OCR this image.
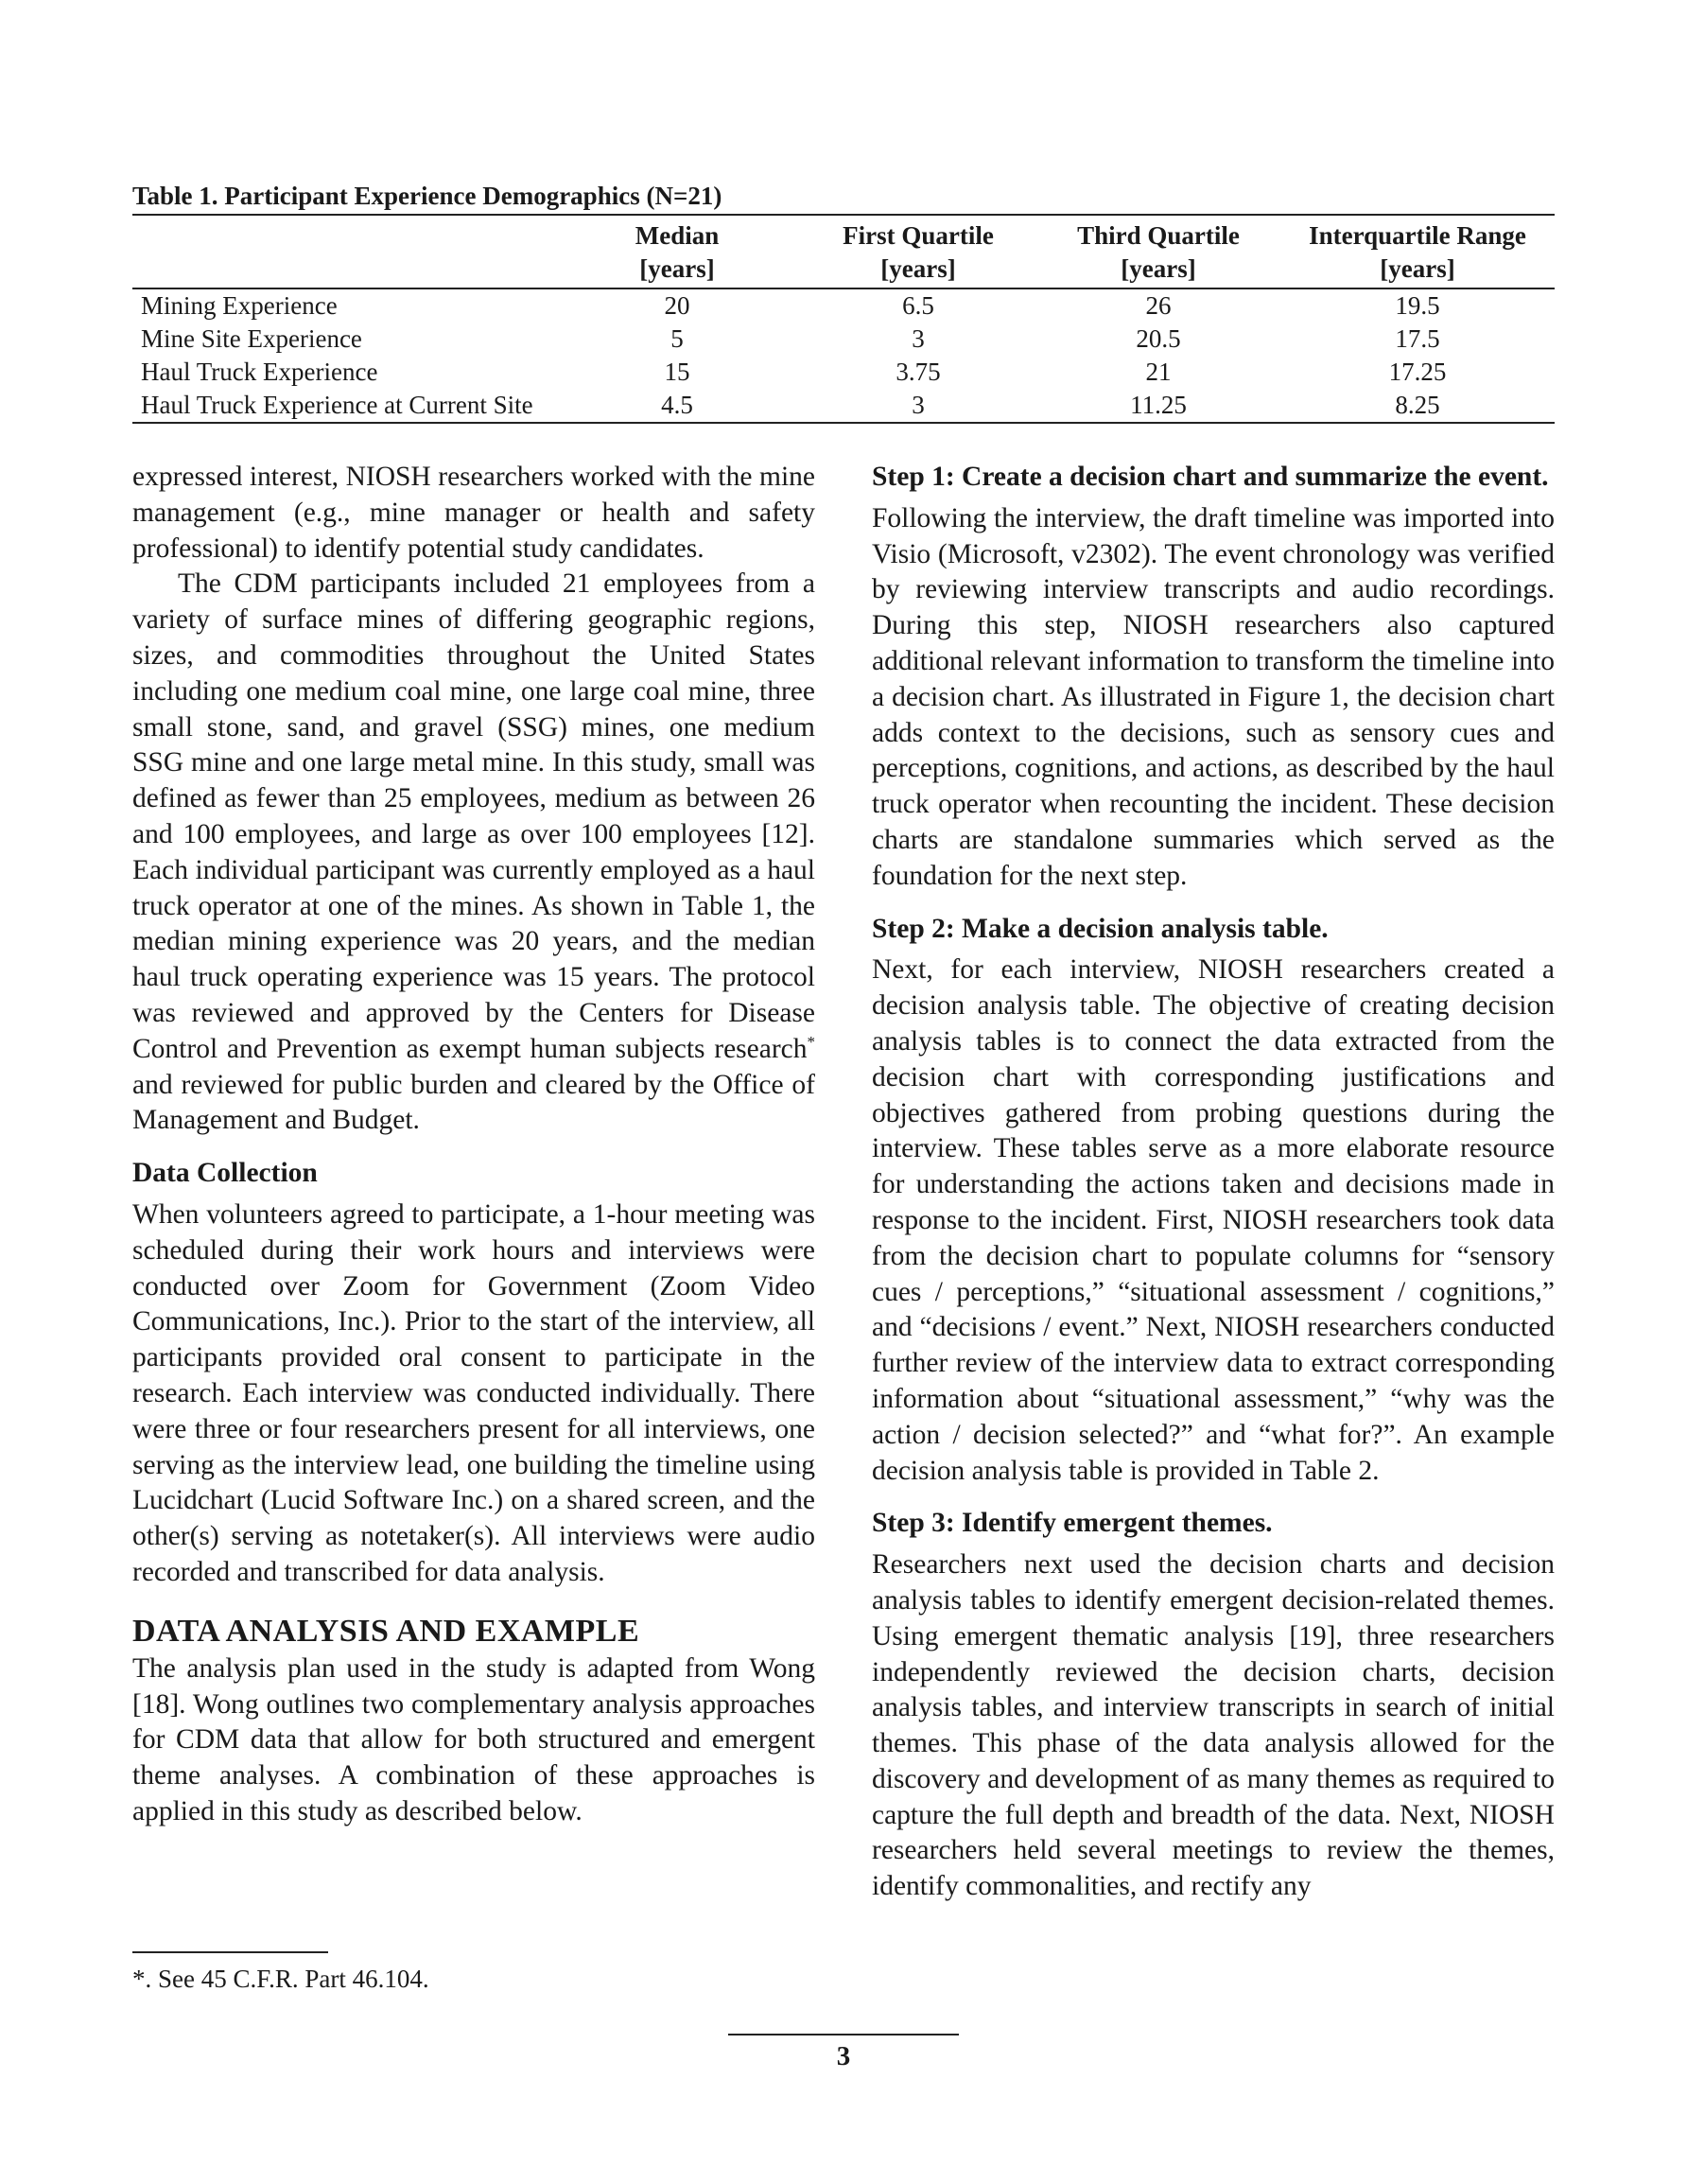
Table 1. Participant Experience Demographics (N=21)
	Median	First Quartile	Third Quartile	Interquartile Range
	[years]	[years]	[years]	[years]
Mining Experience	20	6.5	26	19.5
Mine Site Experience	5	3	20.5	17.5
Haul Truck Experience	15	3.75	21	17.25
Haul Truck Experience at Current Site	4.5	3	11.25	8.25

expressed interest, NIOSH researchers worked with the mine management (e.g., mine manager or health and safety professional) to identify potential study candidates.

The CDM participants included 21 employees from a variety of surface mines of differing geographic regions, sizes, and commodities throughout the United States including one medium coal mine, one large coal mine, three small stone, sand, and gravel (SSG) mines, one medium SSG mine and one large metal mine. In this study, small was defined as fewer than 25 employees, medium as between 26 and 100 employees, and large as over 100 employees [12]. Each individual participant was currently employed as a haul truck operator at one of the mines. As shown in Table 1, the median mining experience was 20 years, and the median haul truck operating experience was 15 years. The protocol was reviewed and approved by the Centers for Disease Control and Prevention as exempt human subjects research* and reviewed for public burden and cleared by the Office of Management and Budget.

Data Collection

When volunteers agreed to participate, a 1-hour meeting was scheduled during their work hours and interviews were conducted over Zoom for Government (Zoom Video Communications, Inc.). Prior to the start of the interview, all participants provided oral consent to participate in the research. Each interview was conducted individually. There were three or four researchers present for all interviews, one serving as the interview lead, one building the timeline using Lucidchart (Lucid Software Inc.) on a shared screen, and the other(s) serving as notetaker(s). All interviews were audio recorded and transcribed for data analysis.

DATA ANALYSIS AND EXAMPLE

The analysis plan used in the study is adapted from Wong [18]. Wong outlines two complementary analysis approaches for CDM data that allow for both structured and emergent theme analyses. A combination of these approaches is applied in this study as described below.

Step 1: Create a decision chart and summarize the event.

Following the interview, the draft timeline was imported into Visio (Microsoft, v2302). The event chronology was verified by reviewing interview transcripts and audio recordings. During this step, NIOSH researchers also captured additional relevant information to transform the timeline into a decision chart. As illustrated in Figure 1, the decision chart adds context to the decisions, such as sensory cues and perceptions, cognitions, and actions, as described by the haul truck operator when recounting the incident. These decision charts are standalone summaries which served as the foundation for the next step.

Step 2: Make a decision analysis table.

Next, for each interview, NIOSH researchers created a decision analysis table. The objective of creating decision analysis tables is to connect the data extracted from the decision chart with corresponding justifications and objectives gathered from probing questions during the interview. These tables serve as a more elaborate resource for understanding the actions taken and decisions made in response to the incident. First, NIOSH researchers took data from the decision chart to populate columns for “sensory cues / perceptions,” “situational assessment / cognitions,” and “decisions / event.” Next, NIOSH researchers conducted further review of the interview data to extract corresponding information about “situational assessment,” “why was the action / decision selected?” and “what for?”. An example decision analysis table is provided in Table 2.

Step 3: Identify emergent themes.

Researchers next used the decision charts and decision analysis tables to identify emergent decision-related themes. Using emergent thematic analysis [19], three researchers independently reviewed the decision charts, decision analysis tables, and interview transcripts in search of initial themes. This phase of the data analysis allowed for the discovery and development of as many themes as required to capture the full depth and breadth of the data. Next, NIOSH researchers held several meetings to review the themes, identify commonalities, and rectify any

*. See 45 C.F.R. Part 46.104.
3
